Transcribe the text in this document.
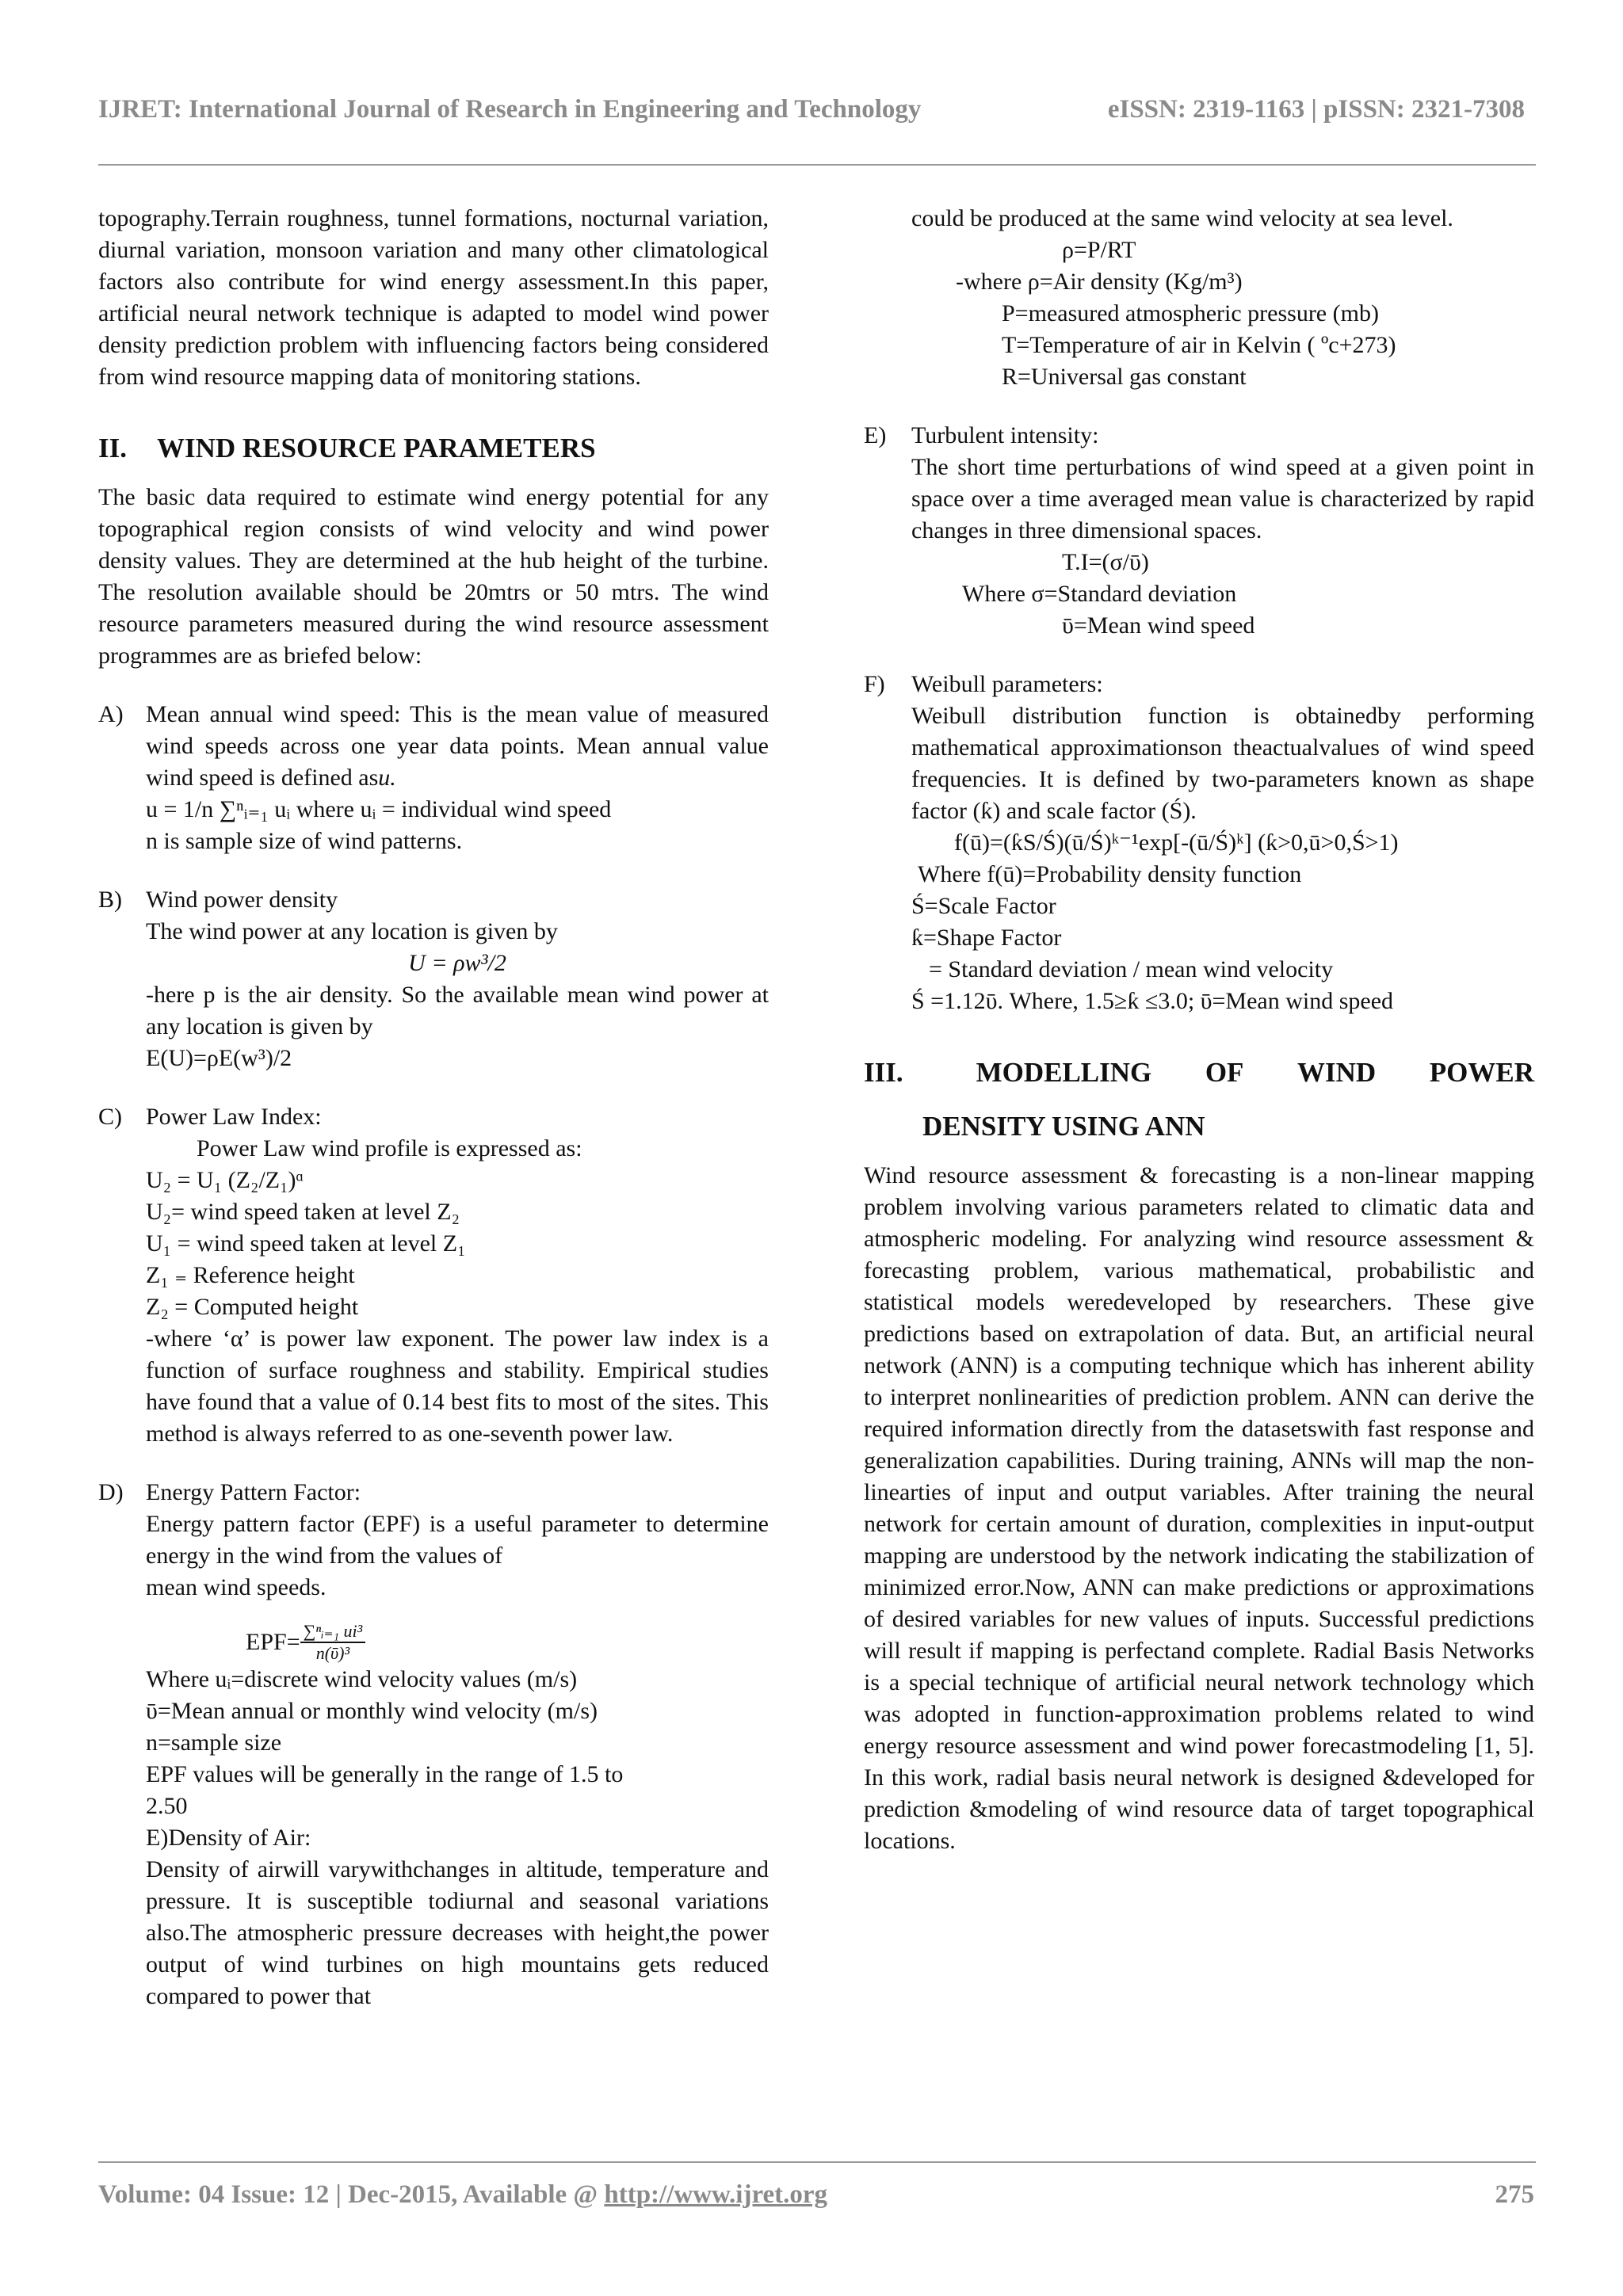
IJRET: International Journal of Research in Engineering and Technology	eISSN: 2319-1163 | pISSN: 2321-7308

topography.Terrain roughness, tunnel formations, nocturnal variation, diurnal variation, monsoon variation and many other climatological factors also contribute for wind energy assessment.In this paper, artificial neural network technique is adapted to model wind power density prediction problem with influencing factors being considered from wind resource mapping data of monitoring stations.

II.	WIND RESOURCE PARAMETERS

The basic data required to estimate wind energy potential for any topographical region consists of wind velocity and wind power density values. They are determined at the hub height of the turbine. The resolution available should be 20mtrs or 50 mtrs. The wind resource parameters measured during the wind resource assessment programmes are as briefed below:

A) Mean annual wind speed: This is the mean value of measured wind speeds across one year data points. Mean annual value wind speed is defined asu.

u = 1/n ∑ⁿᵢ₌₁ uᵢ where uᵢ = individual wind speed

n is sample size of wind patterns.

B)	Wind power density

The wind power at any location is given by

U = ρw³/2

-here p is the air density. So the available mean wind power at any location is given by

E(U)=ρE(w³)/2

C)	Power Law Index:

Power Law wind profile is expressed as:

U₂ = U₁ (Z₂/Z₁)ᵅ

U₂= wind speed taken at level Z₂

U₁ = wind speed taken at level Z₁

Z₁ ₌ Reference height

Z₂ = Computed height

-where ‘α’ is power law exponent. The power law index is a function of surface roughness and stability. Empirical studies have found that a value of 0.14 best fits to most of the sites. This method is always referred to as one-seventh power law.

D) Energy Pattern Factor:

Energy pattern factor (EPF) is a useful parameter to determine energy in the wind from the values of

mean wind speeds.

$EPF= \frac{\text{∑ⁿᵢ₌₁ ui³}}{\text{n(ῡ)³}}$

Where uᵢ=discrete wind velocity values (m/s)

ῡ=Mean annual or monthly wind velocity (m/s)

n=sample size

EPF values will be generally in the range of 1.5 to

2.50

E)Density of Air:

Density of airwill varywithchanges in altitude, temperature and pressure. It is susceptible todiurnal and seasonal variations also.The atmospheric pressure decreases with height,the power output of wind turbines on high mountains gets reduced compared to power that

could be produced at the same wind velocity at sea level.

ρ=P/RT

-where ρ=Air density (Kg/m³)

P=measured atmospheric pressure (mb)

T=Temperature of air in Kelvin ( ºc+273)

R=Universal gas constant

E)	Turbulent intensity:

The short time perturbations of wind speed at a given point in space over a time averaged mean value is characterized by rapid changes in three dimensional spaces.

T.I=(σ/ῡ)

Where σ=Standard deviation

ῡ=Mean wind speed

F)	Weibull parameters:

Weibull distribution function is obtainedby performing mathematical approximationson theactualvalues of wind speed frequencies. It is defined by two-parameters known as shape factor (ƙ) and scale factor (Ś).

f(ū)=(ƙS/Ś)(ū/Ś)ᵏ⁻¹exp[-(ū/Ś)ᵏ] (ƙ>0,ū>0,Ś>1)

Where f(ū)=Probability density function

Ś=Scale Factor

ƙ=Shape Factor

= Standard deviation / mean wind velocity

Ś =1.12ῡ. Where, 1.5≥ƙ ≤3.0; ῡ=Mean wind speed

III.	MODELLING OF WIND POWER
DENSITY USING ANN

Wind resource assessment & forecasting is a non-linear mapping problem involving various parameters related to climatic data and atmospheric modeling. For analyzing wind resource assessment & forecasting problem, various mathematical, probabilistic and statistical models weredeveloped by researchers. These give predictions based on extrapolation of data. But, an artificial neural network (ANN) is a computing technique which has inherent ability to interpret nonlinearities of prediction problem. ANN can derive the required information directly from the datasetswith fast response and generalization capabilities. During training, ANNs will map the non-linearties of input and output variables. After training the neural network for certain amount of duration, complexities in input-output mapping are understood by the network indicating the stabilization of minimized error.Now, ANN can make predictions or approximations of desired variables for new values of inputs. Successful predictions will result if mapping is perfectand complete. Radial Basis Networks is a special technique of artificial neural network technology which was adopted in function-approximation problems related to wind energy resource assessment and wind power forecastmodeling [1, 5]. In this work, radial basis neural network is designed &developed for prediction &modeling of wind resource data of target topographical locations.

Volume: 04 Issue: 12 | Dec-2015, Available @ http://www.ijret.org	275
